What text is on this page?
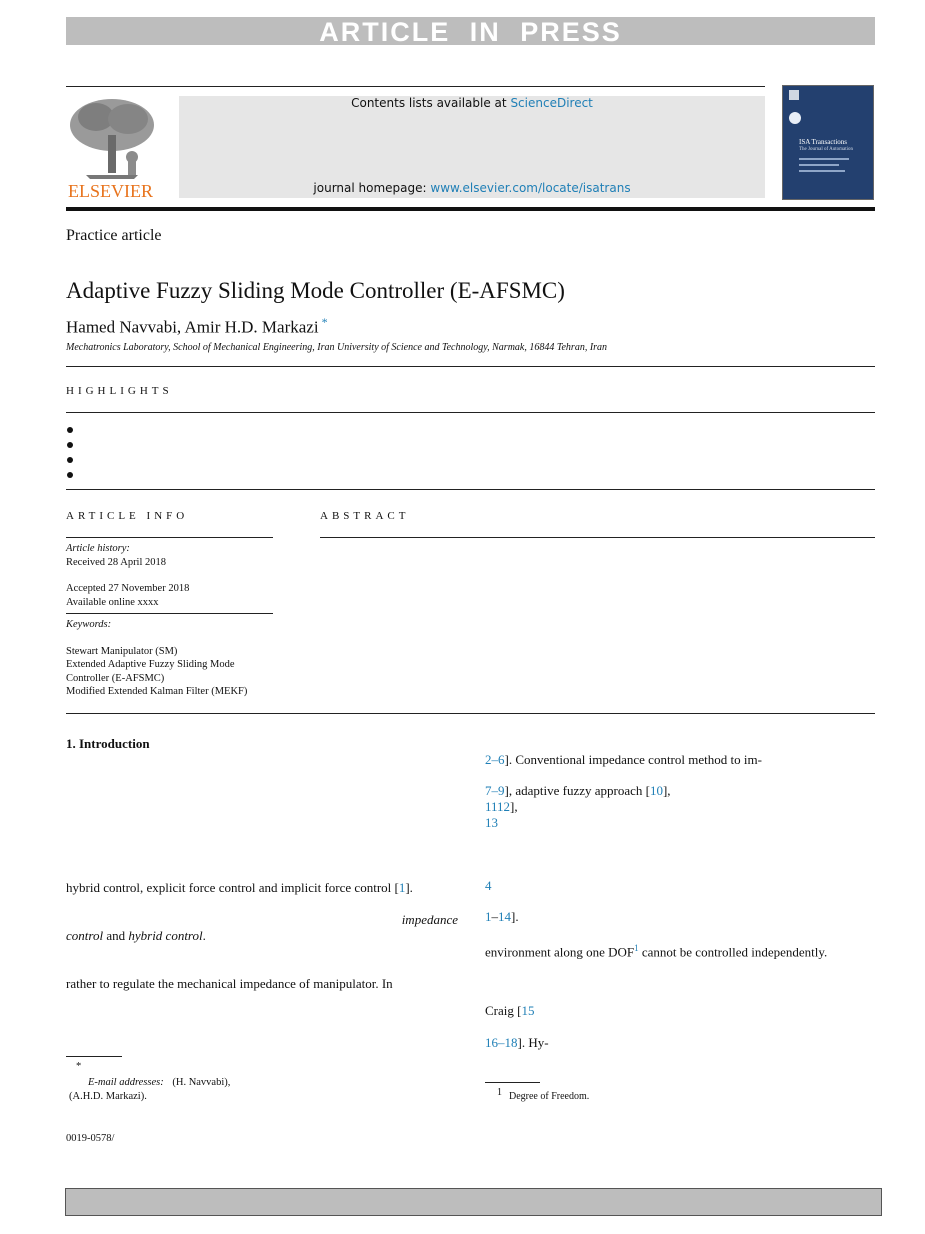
ARTICLE IN PRESS
ELSEVIER
Contents lists available at ScienceDirect
journal homepage: www.elsevier.com/locate/isatrans
ISA Transactions
The Journal of Automation
Practice article
Adaptive Fuzzy Sliding Mode Controller (E-AFSMC)
Hamed Navvabi, Amir H.D. Markazi *
Mechatronics Laboratory, School of Mechanical Engineering, Iran University of Science and Technology, Narmak, 16844 Tehran, Iran
HIGHLIGHTS
ARTICLE INFO
Article history:
Received 28 April 2018
Accepted 27 November 2018
Available online xxxx
Keywords:
Stewart Manipulator (SM)
Extended Adaptive Fuzzy Sliding Mode
Controller (E-AFSMC)
Modified Extended Kalman Filter (MEKF)
ABSTRACT
1. Introduction
hybrid control, explicit force control and implicit force control [1].
impedance
control and hybrid control.
rather to regulate the mechanical impedance of manipulator. In
*
E-mail addresses: (H. Navvabi),
(A.H.D. Markazi).
0019-0578/
2–6]. Conventional impedance control method to im-
7–9], adaptive fuzzy approach [10],
1112],
13
4
1–14].
environment along one DOF$^1$ cannot be controlled independently.
Craig [15
16–18]. Hy-
1 Degree of Freedom.
